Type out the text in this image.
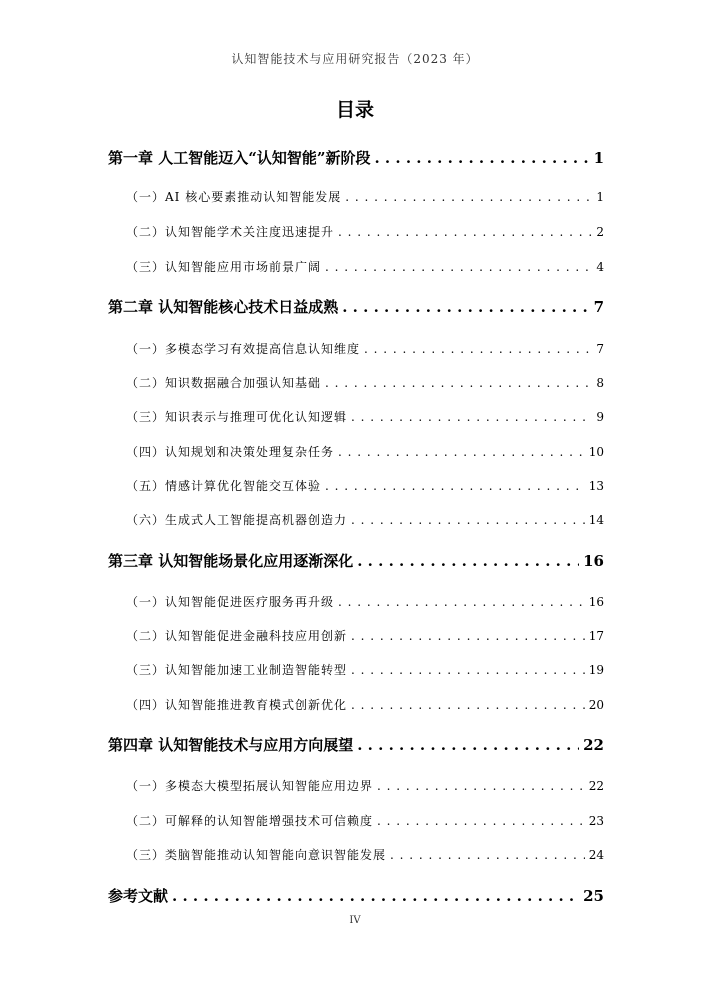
认知智能技术与应用研究报告（2023 年）
目录
第一章 人工智能迈入“认知智能”新阶段 . . .	1
（一）AI 核心要素推动认知智能发展 . . .	1
（二）认知智能学术关注度迅速提升 . . .	2
（三）认知智能应用市场前景广阔 . . .	4
第二章 认知智能核心技术日益成熟 . . .	7
（一）多模态学习有效提高信息认知维度 . . .	7
（二）知识数据融合加强认知基础 . . .	8
（三）知识表示与推理可优化认知逻辑 . . .	9
（四）认知规划和决策处理复杂任务 . . .	10
（五）情感计算优化智能交互体验 . . .	13
（六）生成式人工智能提高机器创造力 . . .	14
第三章 认知智能场景化应用逐渐深化 . . .	16
（一）认知智能促进医疗服务再升级 . . .	16
（二）认知智能促进金融科技应用创新 . . .	17
（三）认知智能加速工业制造智能转型 . . .	19
（四）认知智能推进教育模式创新优化 . . .	20
第四章 认知智能技术与应用方向展望 . . .	22
（一）多模态大模型拓展认知智能应用边界 . . .	22
（二）可解释的认知智能增强技术可信赖度 . . .	23
（三）类脑智能推动认知智能向意识智能发展 . . .	24
参考文献 . . .	25
IV
